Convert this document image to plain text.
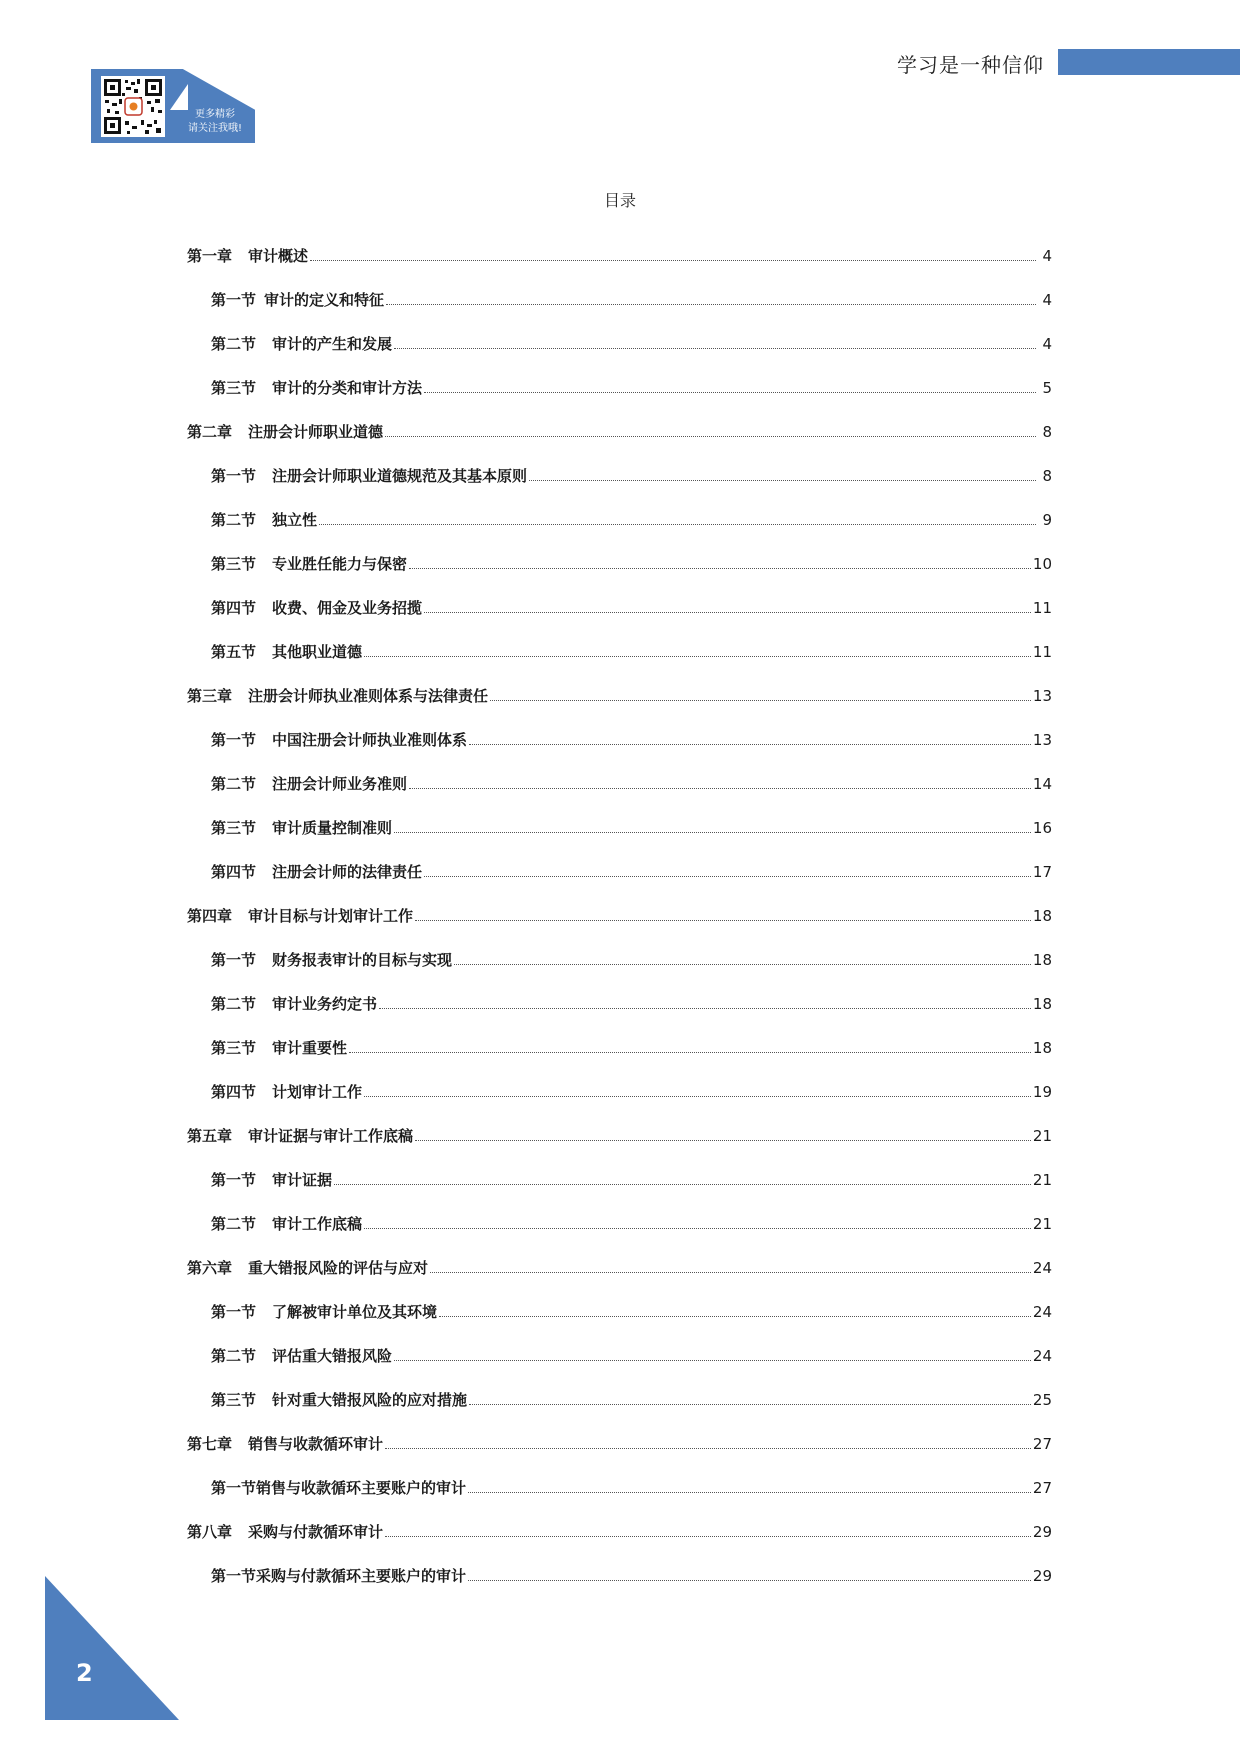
学习是一种信仰
更多精彩
请关注我哦!
目录
第一章 审计概述	4
第一节 审计的定义和特征	4
第二节 审计的产生和发展	4
第三节 审计的分类和审计方法	5
第二章 注册会计师职业道德	8
第一节 注册会计师职业道德规范及其基本原则	8
第二节 独立性	9
第三节 专业胜任能力与保密	10
第四节 收费、佣金及业务招揽	11
第五节 其他职业道德	11
第三章 注册会计师执业准则体系与法律责任	13
第一节 中国注册会计师执业准则体系	13
第二节 注册会计师业务准则	14
第三节 审计质量控制准则	16
第四节 注册会计师的法律责任	17
第四章 审计目标与计划审计工作	18
第一节 财务报表审计的目标与实现	18
第二节 审计业务约定书	18
第三节 审计重要性	18
第四节 计划审计工作	19
第五章 审计证据与审计工作底稿	21
第一节 审计证据	21
第二节 审计工作底稿	21
第六章 重大错报风险的评估与应对	24
第一节 了解被审计单位及其环境	24
第二节 评估重大错报风险	24
第三节 针对重大错报风险的应对措施	25
第七章 销售与收款循环审计	27
第一节 销售与收款循环主要账户的审计	27
第八章 采购与付款循环审计	29
第一节 采购与付款循环主要账户的审计	29
2
